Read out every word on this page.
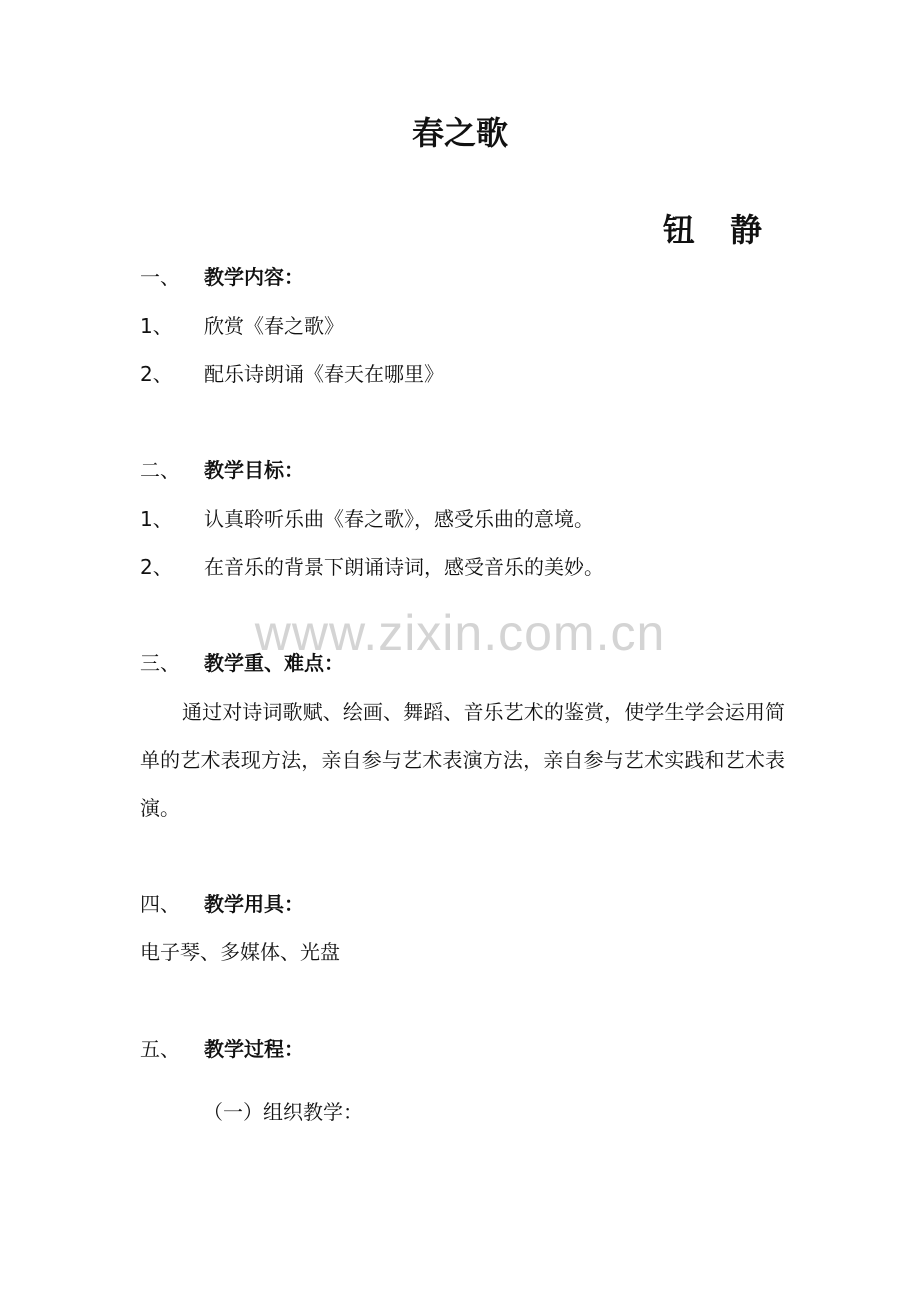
春之歌
钮 静
一、 教学内容：
1、 欣赏《春之歌》
2、 配乐诗朗诵《春天在哪里》
二、 教学目标：
1、 认真聆听乐曲《春之歌》，感受乐曲的意境。
2、 在音乐的背景下朗诵诗词，感受音乐的美妙。
www.zixin.com.cn
三、 教学重、难点：
通过对诗词歌赋、绘画、舞蹈、音乐艺术的鉴赏，使学生学会运用简单的艺术表现方法，亲自参与艺术表演方法，亲自参与艺术实践和艺术表演。
四、 教学用具：
电子琴、多媒体、光盘
五、 教学过程：
（一）组织教学：
